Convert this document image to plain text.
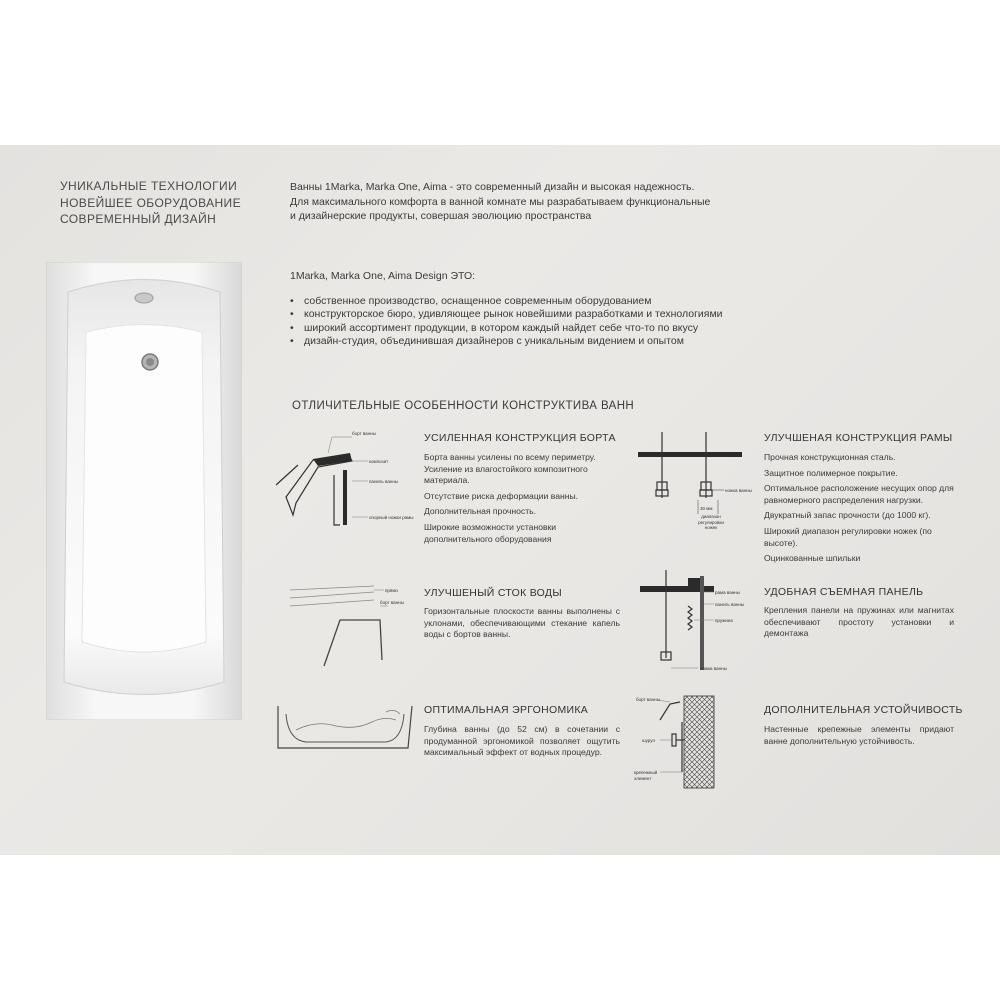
УНИКАЛЬНЫЕ ТЕХНОЛОГИИ
НОВЕЙШЕЕ ОБОРУДОВАНИЕ
СОВРЕМЕННЫЙ ДИЗАЙН
Ванны 1Marka, Marka One, Aima - это современный дизайн и высокая надежность.
Для максимального комфорта в ванной комнате мы разрабатываем функциональные
и дизайнерские продукты, совершая эволюцию пространства
1Marka, Marka One, Aima Design ЭТО:
• собственное производство, оснащенное современным оборудованием
• конструкторское бюро, удивляющее рынок новейшими разработками и технологиями
• широкий ассортимент продукции, в котором каждый найдет себе что-то по вкусу
• дизайн-студия, объединившая дизайнеров с уникальным видением и опытом
ОТЛИЧИТЕЛЬНЫЕ ОСОБЕННОСТИ КОНСТРУКТИВА ВАНН
борт ванны
композит
панель ванны
опорный ножки рамы
УСИЛЕННАЯ КОНСТРУКЦИЯ БОРТА

Борта ванны усилены по всему периметру. Усиление из влагостойкого композитного материала.

Отсутствие риска деформации ванны.

Дополнительная прочность.

Широкие возможности установки дополнительного оборудования

ножка ванны
30 мм
диапазон регулировки ножек
УЛУЧШЕНАЯ КОНСТРУКЦИЯ РАМЫ

Прочная конструкционная сталь.

Защитное полимерное покрытие.

Оптимальное расположение несущих опор для равномерного распределения нагрузки.

Двукратный запас прочности (до 1000 кг).

Широкий диапазон регулировки ножек (по высоте).

Оцинкованные шпильки

прямо
борт ванны
УЛУЧШЕНЫЙ СТОК ВОДЫ

Горизонтальные плоскости ванны выполнены с уклонами, обеспечивающими стекание капель воды с бортов ванны.

рама ванны
панель ванны
пружина
ножка ванны
УДОБНАЯ СЪЕМНАЯ ПАНЕЛЬ

Крепления панели на пружинах или магнитах обеспечивают простоту установки и демонтажа

ОПТИМАЛЬНАЯ ЭРГОНОМИКА

Глубина ванны (до 52 см) в сочетании с продуманной эргономикой позволяет ощутить максимальный эффект от водных процедур.

борт ванны
шуруп
крепежный элемент
ДОПОЛНИТЕЛЬНАЯ УСТОЙЧИВОСТЬ

Настенные крепежные элементы придают ванне дополнительную устойчивость.
